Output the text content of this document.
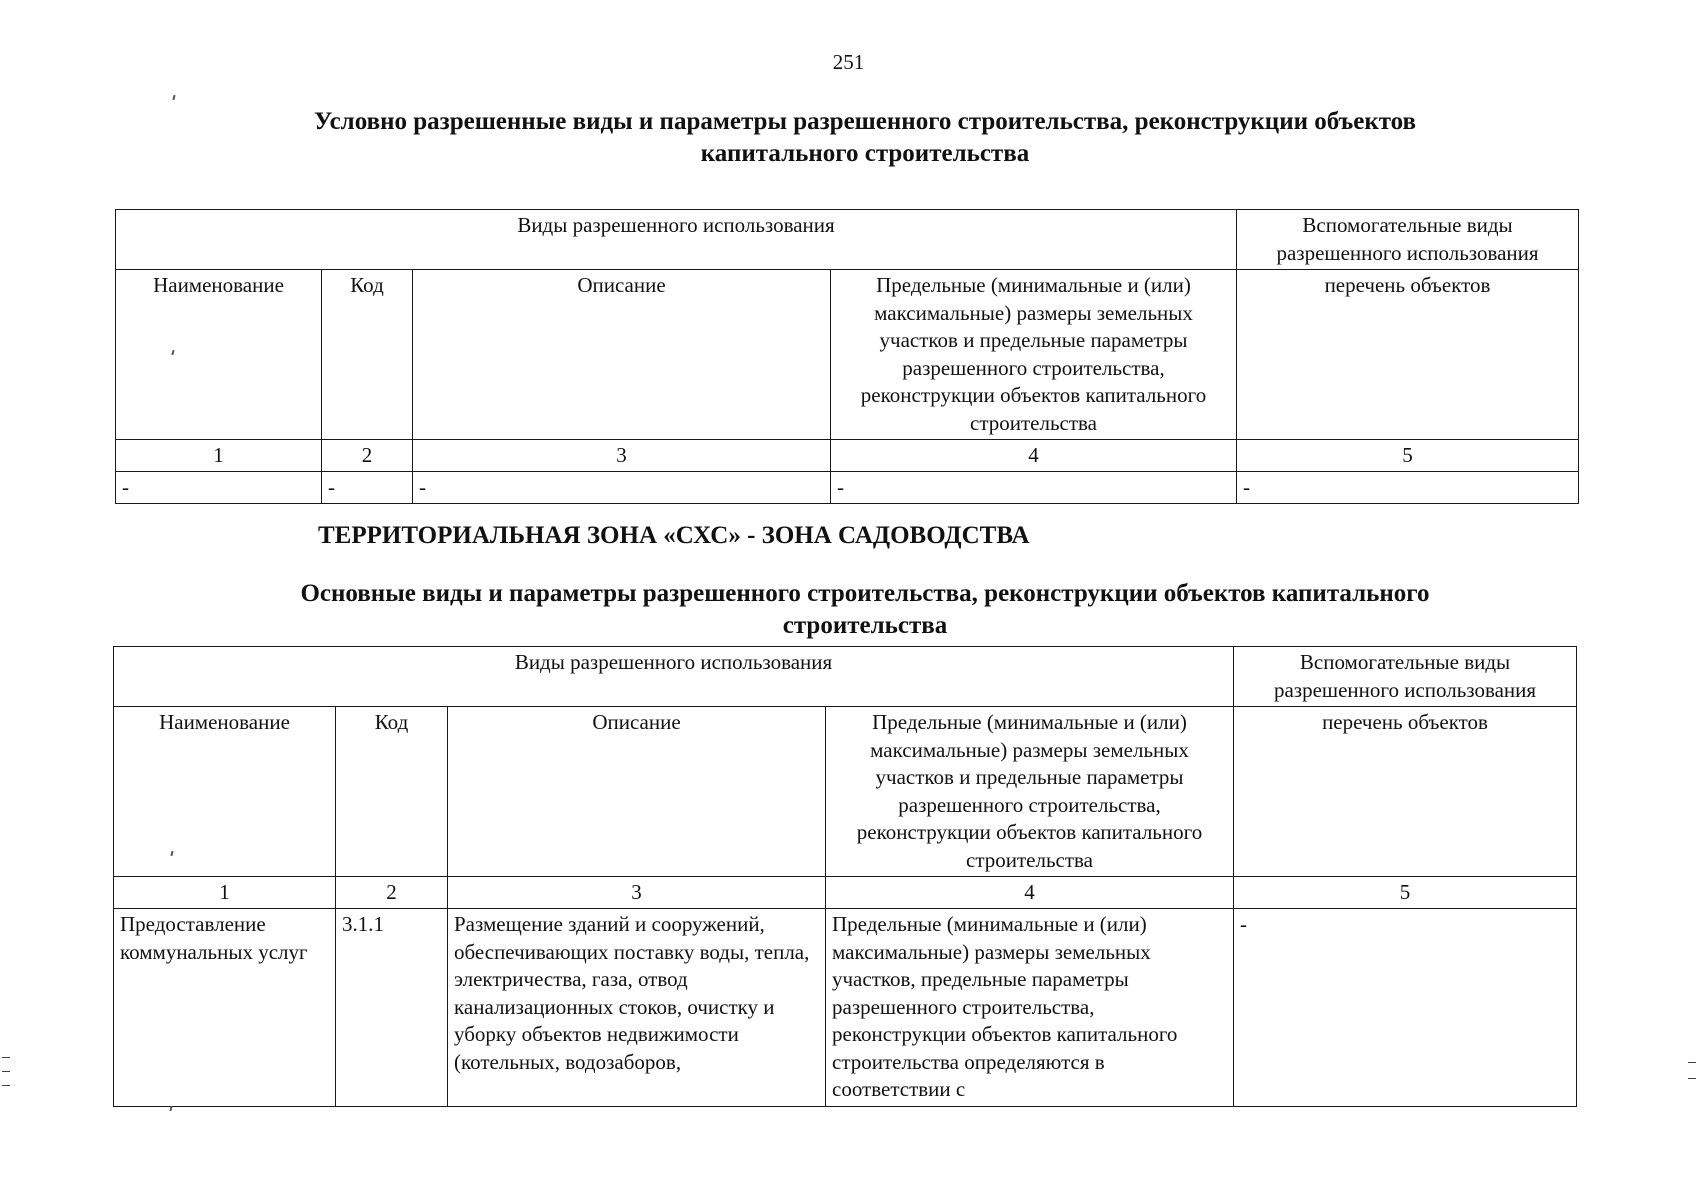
251
Условно разрешенные виды и параметры разрешенного строительства, реконструкции объектов
капитального строительства
Виды разрешенного использования				Вспомогательные виды разрешенного использования
Наименование	Код	Описание	Предельные (минимальные и (или) максимальные) размеры земельных участков и предельные параметры разрешенного строительства, реконструкции объектов капитального строительства	перечень объектов
1	2	3	4	5
-	-	-	-	-
ТЕРРИТОРИАЛЬНАЯ ЗОНА «СХС» - ЗОНА САДОВОДСТВА
Основные виды и параметры разрешенного строительства, реконструкции объектов капитального
строительства
Виды разрешенного использования				Вспомогательные виды разрешенного использования
Наименование	Код	Описание	Предельные (минимальные и (или) максимальные) размеры земельных участков и предельные параметры разрешенного строительства, реконструкции объектов капитального строительства	перечень объектов
1	2	3	4	5
Предоставление коммунальных услуг	3.1.1	Размещение зданий и сооружений, обеспечивающих поставку воды, тепла, электричества, газа, отвод канализационных стоков, очистку и уборку объектов недвижимости (котельных, водозаборов,	Предельные (минимальные и (или) максимальные) размеры земельных участков, предельные параметры разрешенного строительства, реконструкции объектов капитального строительства определяются в соответствии с	-
